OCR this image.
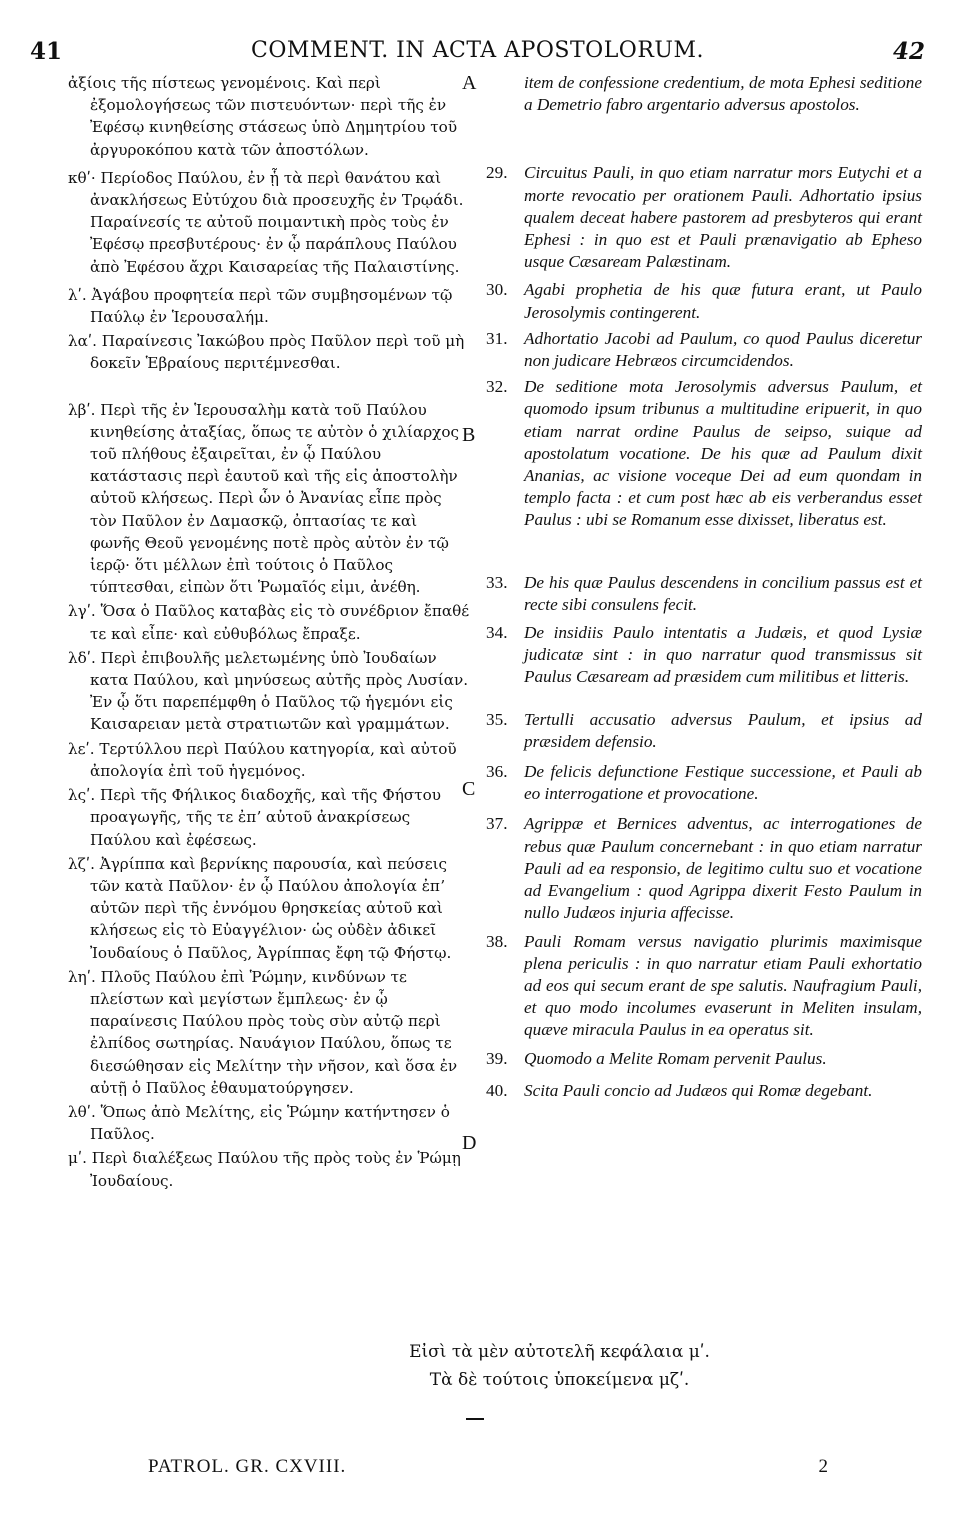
41	COMMENT. IN ACTA APOSTOLORUM.	42
A
B
C
D
ἀξίοις τῆς πίστεως γενομένοις. Καὶ περὶ ἐξομολογήσεως τῶν πιστευόντων· περὶ τῆς ἐν Ἐφέσῳ κινηθείσης στάσεως ὑπὸ Δημητρίου τοῦ ἀργυροκόπου κατὰ τῶν ἀποστόλων.
κθʹ· Περίοδος Παύλου, ἐν ᾗ τὰ περὶ θανάτου καὶ ἀνακλήσεως Εὐτύχου διὰ προσευχῆς ἐν Τρῳάδι. Παραίνεσίς τε αὐτοῦ ποιμαντικὴ πρὸς τοὺς ἐν Ἐφέσῳ πρεσβυτέρους· ἐν ᾧ παράπλους Παύλου ἀπὸ Ἐφέσου ἄχρι Καισαρείας τῆς Παλαιστίνης.
λʹ. Ἀγάβου προφητεία περὶ τῶν συμβησομένων τῷ Παύλῳ ἐν Ἱερουσαλήμ.
λαʹ. Παραίνεσις Ἰακώβου πρὸς Παῦλον περὶ τοῦ μὴ δοκεῖν Ἑβραίους περιτέμνεσθαι.
λβʹ. Περὶ τῆς ἐν Ἱερουσαλὴμ κατὰ τοῦ Παύλου κινηθείσης ἀταξίας, ὅπως τε αὐτὸν ὁ χιλίαρχος τοῦ πλήθους ἐξαιρεῖται, ἐν ᾧ Παύλου κατάστασις περὶ ἑαυτοῦ καὶ τῆς εἰς ἀποστολὴν αὐτοῦ κλήσεως. Περὶ ὧν ὁ Ἀνανίας εἶπε πρὸς τὸν Παῦλον ἐν Δαμασκῷ, ὀπτασίας τε καὶ φωνῆς Θεοῦ γενομένης ποτὲ πρὸς αὐτὸν ἐν τῷ ἱερῷ· ὅτι μέλλων ἐπὶ τούτοις ὁ Παῦλος τύπτεσθαι, εἰπὼν ὅτι Ῥωμαῖός εἰμι, ἀνέθη.
λγʹ. Ὅσα ὁ Παῦλος καταβὰς εἰς τὸ συνέδριον ἔπαθέ τε καὶ εἶπε· καὶ εὐθυβόλως ἔπραξε.
λδʹ. Περὶ ἐπιβουλῆς μελετωμένης ὑπὸ Ἰουδαίων κατα Παύλου, καὶ μηνύσεως αὐτῆς πρὸς Λυσίαν. Ἐν ᾧ ὅτι παρεπέμφθη ὁ Παῦλος τῷ ἡγεμόνι εἰς Καισαρειαν μετὰ στρατιωτῶν καὶ γραμμάτων.
λεʹ. Τερτύλλου περὶ Παύλου κατηγορία, καὶ αὐτοῦ ἀπολογία ἐπὶ τοῦ ἡγεμόνος.
λςʹ. Περὶ τῆς Φήλικος διαδοχῆς, καὶ τῆς Φήστου προαγωγῆς, τῆς τε ἐπʼ αὐτοῦ ἀνακρίσεως Παύλου καὶ ἐφέσεως.
λζʹ. Ἀγρίππα καὶ βερνίκης παρουσία, καὶ πεύσεις τῶν κατὰ Παῦλον· ἐν ᾧ Παύλου ἀπολογία ἐπʼ αὐτῶν περὶ τῆς ἐννόμου θρησκείας αὐτοῦ καὶ κλήσεως εἰς τὸ Εὐαγγέλιον· ὡς οὐδὲν ἀδικεῖ Ἰουδαίους ὁ Παῦλος, Ἀγρίππας ἔφη τῷ Φήστῳ.
ληʹ. Πλοῦς Παύλου ἐπὶ Ῥώμην, κινδύνων τε πλείστων καὶ μεγίστων ἔμπλεως· ἐν ᾧ παραίνεσις Παύλου πρὸς τοὺς σὺν αὐτῷ περὶ ἐλπίδος σωτηρίας. Ναυάγιον Παύλου, ὅπως τε διεσώθησαν εἰς Μελίτην τὴν νῆσον, καὶ ὅσα ἐν αὐτῇ ὁ Παῦλος ἐθαυματούργησεν.
λθʹ. Ὅπως ἀπὸ Μελίτης, εἰς Ῥώμην κατήντησεν ὁ Παῦλος.
μʹ. Περὶ διαλέξεως Παύλου τῆς πρὸς τοὺς ἐν Ῥώμῃ Ἰουδαίους.
item de confessione credentium, de mota Ephesi seditione a Demetrio fabro argentario adversus apostolos.
29. Circuitus Pauli, in quo etiam narratur mors Eutychi et a morte revocatio per orationem Pauli. Adhortatio ipsius qualem deceat habere pastorem ad presbyteros qui erant Ephesi : in quo est et Pauli prænavigatio ab Epheso usque Cæsaream Palæstinam.
30. Agabi prophetia de his quæ futura erant, ut Paulo Jerosolymis contingerent.
31. Adhortatio Jacobi ad Paulum, co quod Paulus diceretur non judicare Hebræos circumcidendos.
32. De seditione mota Jerosolymis adversus Paulum, et quomodo ipsum tribunus a multitudine eripuerit, in quo etiam narrat ordine Paulus de seipso, suique ad apostolatum vocatione. De his quæ ad Paulum dixit Ananias, ac visione voceque Dei ad eum quondam in templo facta : et cum post hæc ab eis verberandus esset Paulus : ubi se Romanum esse dixisset, liberatus est.
33. De his quæ Paulus descendens in concilium passus est et recte sibi consulens fecit.
34. De insidiis Paulo intentatis a Judæis, et quod Lysiæ judicatæ sint : in quo narratur quod transmissus sit Paulus Cæsaream ad præsidem cum militibus et litteris.
35. Tertulli accusatio adversus Paulum, et ipsius ad præsidem defensio.
36. De felicis defunctione Festique successione, et Pauli ab eo interrogatione et provocatione.
37. Agrippæ et Bernices adventus, ac interrogationes de rebus quæ Paulum concernebant : in quo etiam narratur Pauli ad ea responsio, de legitimo cultu suo et vocatione ad Evangelium : quod Agrippa dixerit Festo Paulum in nullo Judæos injuria affecisse.
38. Pauli Romam versus navigatio plurimis maximisque plena periculis : in quo narratur etiam Pauli exhortatio ad eos qui secum erant de spe salutis. Naufragium Pauli, et quo modo incolumes evaserunt in Meliten insulam, quæve miracula Paulus in ea operatus sit.
39. Quomodo a Melite Romam pervenit Paulus.
40. Scita Pauli concio ad Judæos qui Romæ degebant.
Εἰσὶ τὰ μὲν αὐτοτελῆ κεφάλαια μʹ.
Τὰ δὲ τούτοις ὑποκείμενα μζʹ.
PATROL. GR. CXVIII.	2
